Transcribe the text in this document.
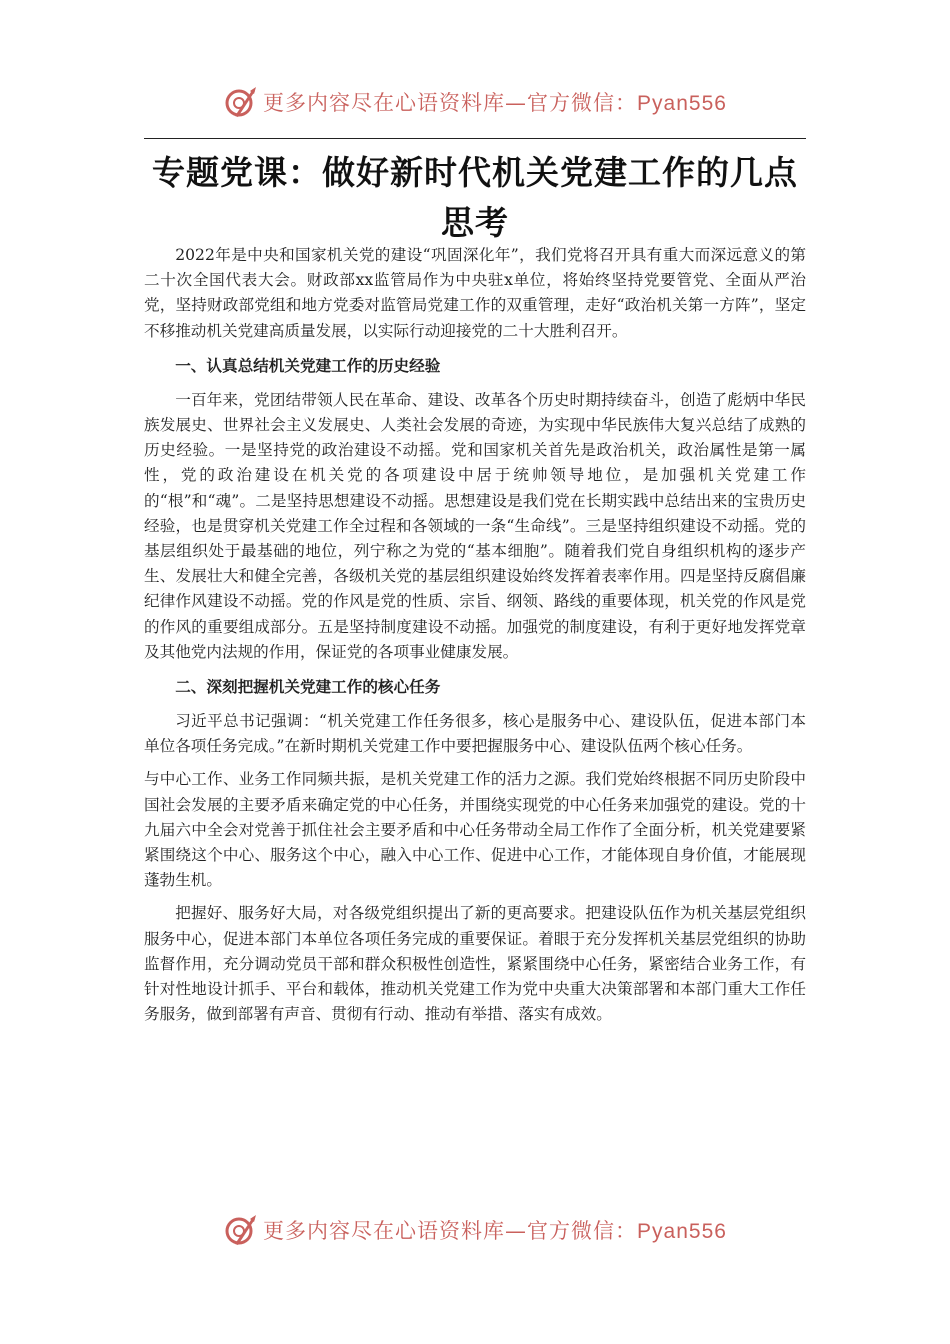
更多内容尽在心语资料库—官方微信：Pyan556
专题党课：做好新时代机关党建工作的几点思考

2022年是中央和国家机关党的建设“巩固深化年”，我们党将召开具有重大而深远意义的第二十次全国代表大会。财政部xx监管局作为中央驻x单位，将始终坚持党要管党、全面从严治党，坚持财政部党组和地方党委对监管局党建工作的双重管理，走好“政治机关第一方阵”，坚定不移推动机关党建高质量发展，以实际行动迎接党的二十大胜利召开。

一、认真总结机关党建工作的历史经验

一百年来，党团结带领人民在革命、建设、改革各个历史时期持续奋斗，创造了彪炳中华民族发展史、世界社会主义发展史、人类社会发展的奇迹，为实现中华民族伟大复兴总结了成熟的历史经验。一是坚持党的政治建设不动摇。党和国家机关首先是政治机关，政治属性是第一属性，党的政治建设在机关党的各项建设中居于统帅领导地位，是加强机关党建工作的“根”和“魂”。二是坚持思想建设不动摇。思想建设是我们党在长期实践中总结出来的宝贵历史经验，也是贯穿机关党建工作全过程和各领域的一条“生命线”。三是坚持组织建设不动摇。党的基层组织处于最基础的地位，列宁称之为党的“基本细胞”。随着我们党自身组织机构的逐步产生、发展壮大和健全完善，各级机关党的基层组织建设始终发挥着表率作用。四是坚持反腐倡廉纪律作风建设不动摇。党的作风是党的性质、宗旨、纲领、路线的重要体现，机关党的作风是党的作风的重要组成部分。五是坚持制度建设不动摇。加强党的制度建设，有利于更好地发挥党章及其他党内法规的作用，保证党的各项事业健康发展。

二、深刻把握机关党建工作的核心任务

习近平总书记强调：“机关党建工作任务很多，核心是服务中心、建设队伍，促进本部门本单位各项任务完成。”在新时期机关党建工作中要把握服务中心、建设队伍两个核心任务。

与中心工作、业务工作同频共振，是机关党建工作的活力之源。我们党始终根据不同历史阶段中国社会发展的主要矛盾来确定党的中心任务，并围绕实现党的中心任务来加强党的建设。党的十九届六中全会对党善于抓住社会主要矛盾和中心任务带动全局工作作了全面分析，机关党建要紧紧围绕这个中心、服务这个中心，融入中心工作、促进中心工作，才能体现自身价值，才能展现蓬勃生机。

把握好、服务好大局，对各级党组织提出了新的更高要求。把建设队伍作为机关基层党组织服务中心，促进本部门本单位各项任务完成的重要保证。着眼于充分发挥机关基层党组织的协助监督作用，充分调动党员干部和群众积极性创造性，紧紧围绕中心任务，紧密结合业务工作，有针对性地设计抓手、平台和载体，推动机关党建工作为党中央重大决策部署和本部门重大工作任务服务，做到部署有声音、贯彻有行动、推动有举措、落实有成效。

更多内容尽在心语资料库—官方微信：Pyan556
